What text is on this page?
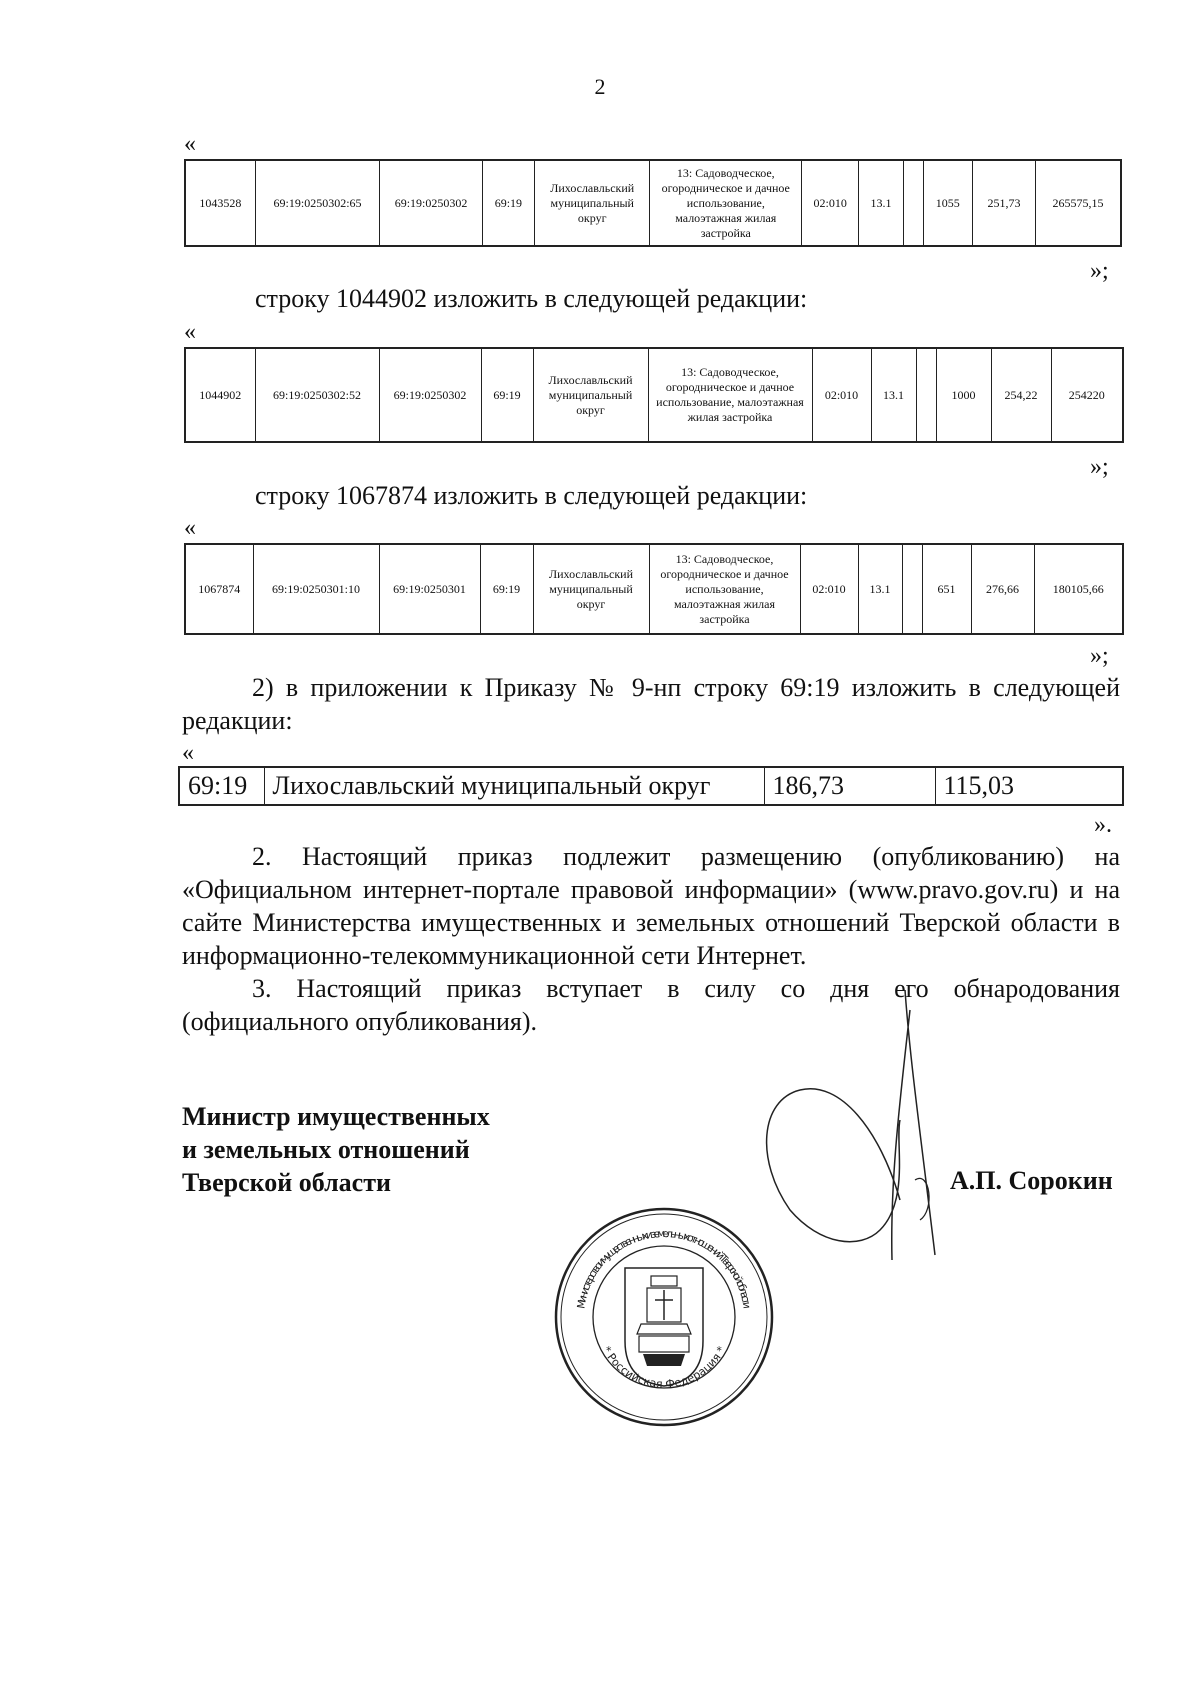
2
«
1043528	69:19:0250302:65	69:19:0250302	69:19	Лихославльский муниципальный округ	13: Садоводческое, огородническое и дачное использование, малоэтажная жилая застройка	02:010	13.1		1055	251,73	265575,15
»;
строку 1044902 изложить в следующей редакции:
«
1044902	69:19:0250302:52	69:19:0250302	69:19	Лихославльский муниципальный округ	13: Садоводческое, огородническое и дачное использование, малоэтажная жилая застройка	02:010	13.1		1000	254,22	254220
»;
строку 1067874 изложить в следующей редакции:
«
1067874	69:19:0250301:10	69:19:0250301	69:19	Лихославльский муниципальный округ	13: Садоводческое, огородническое и дачное использование, малоэтажная жилая застройка	02:010	13.1		651	276,66	180105,66
»;
2) в приложении к Приказу № 9-нп строку 69:19 изложить в следующей редакции:
«
69:19	Лихославльский муниципальный округ	186,73	115,03
».
2. Настоящий приказ подлежит размещению (опубликованию) на «Официальном интернет-портале правовой информации» (www.pravo.gov.ru) и на сайте Министерства имущественных и земельных отношений Тверской области в информационно-телекоммуникационной сети Интернет.
3. Настоящий приказ вступает в силу со дня его обнародования (официального опубликования).
Министр имущественных
и земельных отношений
Тверской области	А.П. Сорокин
Министерство имущественных и земельных отношений Тверской области
* Российская Федерация *
